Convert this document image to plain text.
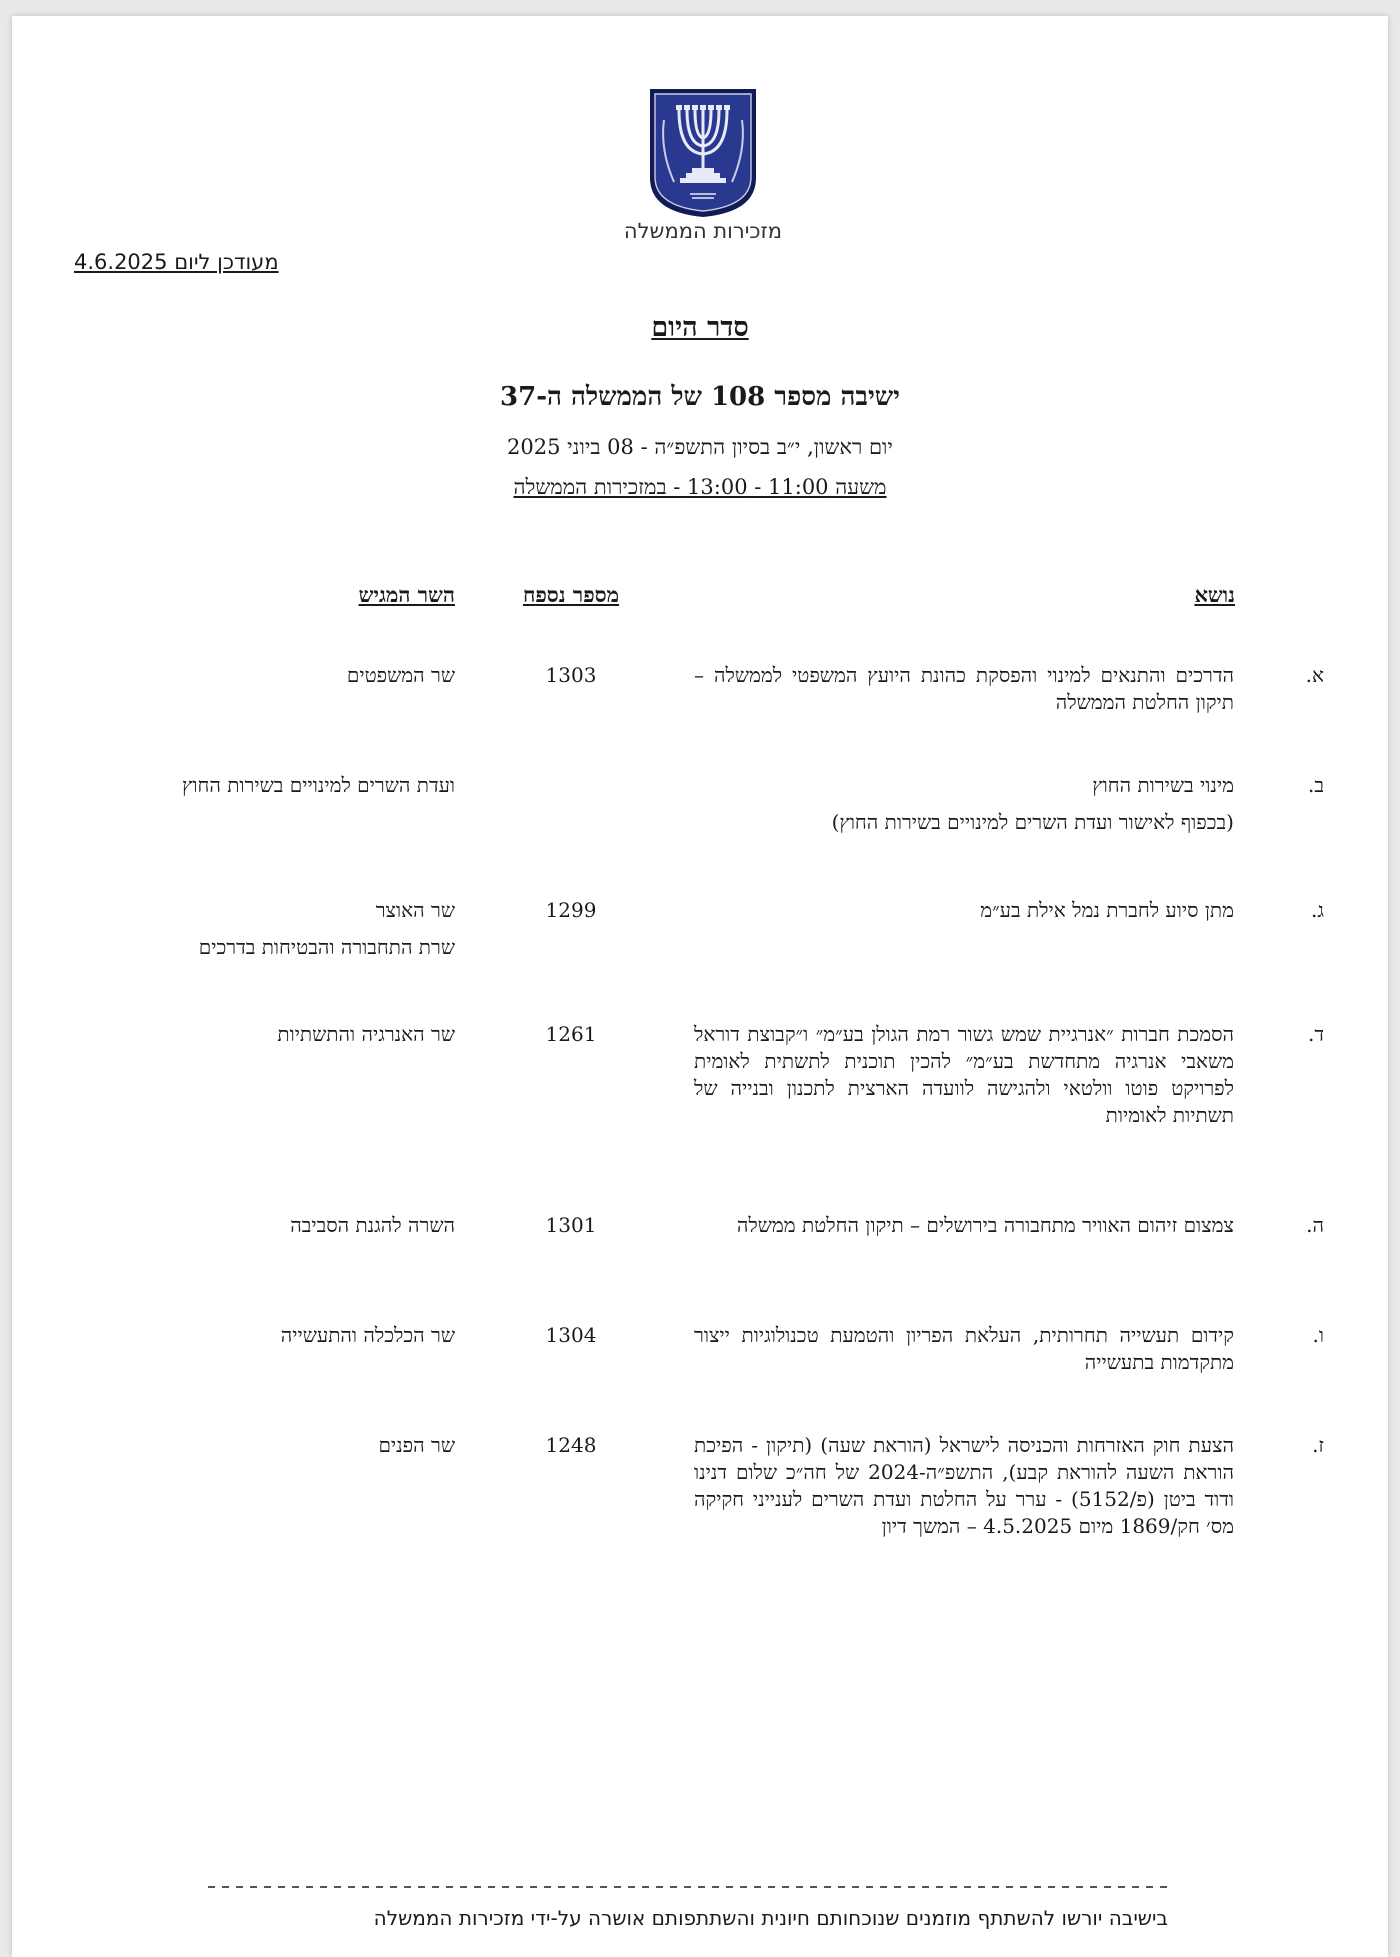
מזכירות הממשלה
מעודכן ליום 4.6.2025
סדר היום
ישיבה מספר 108 של הממשלה ה-37
יום ראשון, י״ב בסיון התשפ״ה - 08 ביוני 2025
משעה 11:00 - 13:00 - במזכירות הממשלה
נושא
מספר נספח
השר המגיש
א.
הדרכים והתנאים למינוי והפסקת כהונת היועץ המשפטי לממשלה – תיקון החלטת הממשלה
1303
שר המשפטים
ב.
מינוי בשירות החוץ
(בכפוף לאישור ועדת השרים למינויים בשירות החוץ)
ועדת השרים למינויים בשירות החוץ
ג.
מתן סיוע לחברת נמל אילת בע״מ
1299
שר האוצר
שרת התחבורה והבטיחות בדרכים
ד.
הסמכת חברות ״אנרגיית שמש גשור רמת הגולן בע״מ״ ו״קבוצת דוראל משאבי אנרגיה מתחדשת בע״מ״ להכין תוכנית לתשתית לאומית לפרויקט פוטו וולטאי ולהגישה לוועדה הארצית לתכנון ובנייה של תשתיות לאומיות
1261
שר האנרגיה והתשתיות
ה.
צמצום זיהום האוויר מתחבורה בירושלים – תיקון החלטת ממשלה
1301
השרה להגנת הסביבה
ו.
קידום תעשייה תחרותית, העלאת הפריון והטמעת טכנולוגיות ייצור מתקדמות בתעשייה
1304
שר הכלכלה והתעשייה
ז.
הצעת חוק האזרחות והכניסה לישראל (הוראת שעה) (תיקון - הפיכת הוראת השעה להוראת קבע), התשפ״ה-2024 של חה״כ שלום דנינו ודוד ביטן (פ/5152) - ערר על החלטת ועדת השרים לענייני חקיקה מס׳ חק/1869 מיום 4.5.2025 – המשך דיון
1248
שר הפנים
בישיבה יורשו להשתתף מוזמנים שנוכחותם חיונית והשתתפותם אושרה על-ידי מזכירות הממשלה
